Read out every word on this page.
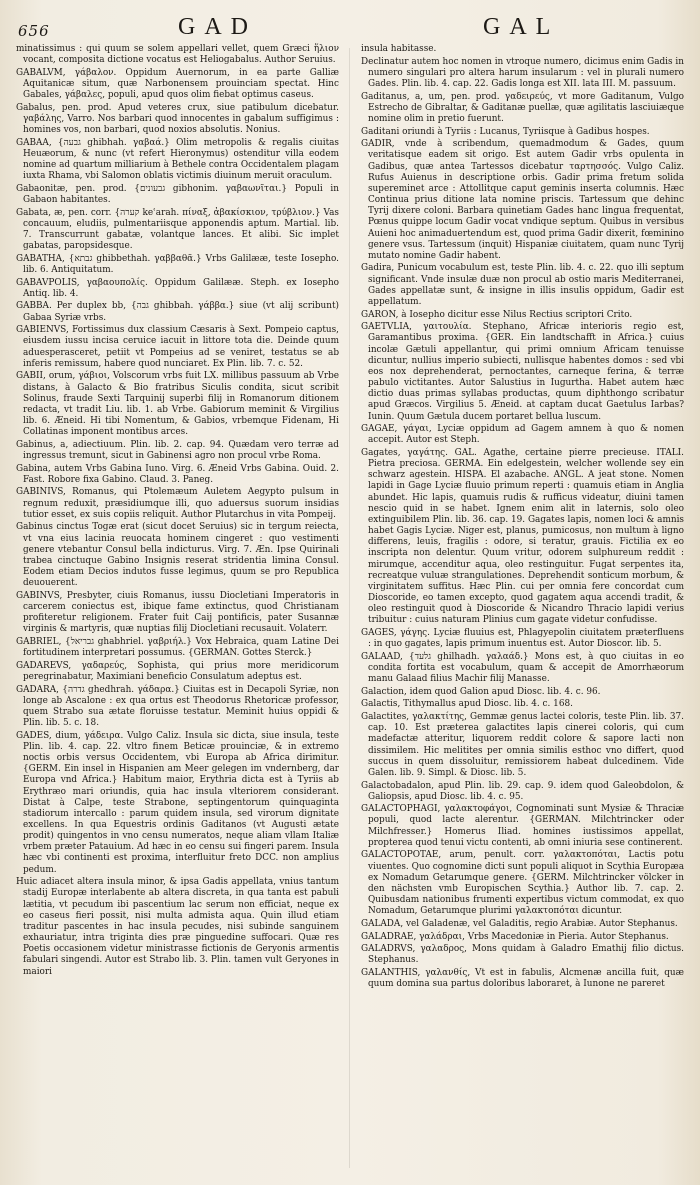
656	GAD	GAL

minatissimus : qui quum se solem appellari vellet, quem Græci ἥλιον vocant, composita dictione vocatus est Heliogabalus. Author Seruius.

GABALVM, γάβαλον. Oppidum Auernorum, in ea parte Galliæ Aquitanicæ situm, quæ Narbonensem prouinciam spectat. Hinc Gabales, γάβαλες, populi, apud quos olim fiebat optimus caseus.

Gabalus, pen. prod. Apud veteres crux, siue patibulum dicebatur. γαβάλης, Varro. Nos barbari quod innocentes in gabalum suffigimus : homines vos, non barbari, quod noxios absolutis. Nonius.

GABAA, {גבעה ghibhah. γαβαά.} Olim metropolis & regalis ciuitas Heuæorum, & nunc (vt refert Hieronymus) ostenditur villa eodem nomine ad quartum milliarium à Bethele contra Occidentalem plagam iuxta Rhama, vbi Salomon oblatis victimis diuinum meruit oraculum.

Gabaonitæ, pen. prod. {גבעונים gibhonim. γαβαωνῖται.} Populi in Gabaon habitantes.

Gabata, æ, pen. corr. {קערה keʿarah. πίναξ, ἀβακίσκιον, τρύβλιον.} Vas concauum, eludiis, pulmentariisque apponendis aptum. Martial. lib. 7. Transcurrunt gabatæ, volantque lances. Et alibi. Sic implet gabatas, paropsidesque.

GABATHA, {גבתא ghibbethah. γαββαθᾶ.} Vrbs Galilææ, teste Iosepho. lib. 6. Antiquitatum.

GABAVPOLIS, γαβαουπολίς. Oppidum Galilææ. Steph. ex Iosepho Antiq. lib. 4.

GABBA. Per duplex bb, {גבה ghibbah. γάββα.} siue (vt alij scribunt) Gabaa Syriæ vrbs.

GABIENVS, Fortissimus dux classium Cæsaris à Sext. Pompeio captus, eiusdem iussu incisa ceruice iacuit in littore tota die. Deinde quum aduesperasceret, petiit vt Pompeius ad se veniret, testatus se ab inferis remissum, habere quod nunciaret. Ex Plin. lib. 7. c. 52.

GABII, orum, γάβιοι, Volscorum vrbs fuit LX. millibus passuum ab Vrbe distans, à Galacto & Bio fratribus Siculis condita, sicut scribit Solinus, fraude Sexti Tarquinij superbi filij in Romanorum ditionem redacta, vt tradit Liu. lib. 1. ab Vrbe. Gabiorum meminit & Virgilius lib. 6. Æneid. Hi tibi Nomentum, & Gabios, vrbemque Fidenam, Hi Collatinas imponent montibus arces.

Gabinus, a, adiectiuum. Plin. lib. 2. cap. 94. Quædam vero terræ ad ingressus tremunt, sicut in Gabinensi agro non procul vrbe Roma.

Gabina, autem Vrbs Gabina Iuno. Virg. 6. Æneid Vrbs Gabina. Ouid. 2. Fast. Robore fixa Gabino. Claud. 3. Paneg.

GABINIVS, Romanus, qui Ptolemæum Auletem Aegypto pulsum in regnum reduxit, præsidiumque illi, quo aduersus suorum insidias tutior esset, ex suis copiis reliquit. Author Plutarchus in vita Pompeij.

Gabinus cinctus Togæ erat (sicut docet Seruius) sic in tergum reiecta, vt vna eius lacinia reuocata hominem cingeret : quo vestimenti genere vtebantur Consul bella indicturus. Virg. 7. Æn. Ipse Quirinali trabea cinctuque Gabino Insignis reserat stridentia limina Consul. Eodem etiam Decios indutos fusse legimus, quum se pro Republica deuouerent.

GABINVS, Presbyter, ciuis Romanus, iussu Diocletiani Imperatoris in carcerem coniectus est, ibique fame extinctus, quod Christianam profiteretur religionem. Frater fuit Caij pontificis, pater Susannæ virginis & martyris, quæ nuptias filij Diocletiani recusauit. Volaterr.

GABRIEL, {גבריאל ghabhriel. γαβριήλ.} Vox Hebraica, quam Latine Dei fortitudinem interpretari possumus. {GERMAN. Gottes Sterck.}

GADAREVS, γαδαρεύς, Sophista, qui prius more meridicorum peregrinabatur, Maximiani beneficio Consulatum adeptus est.

GADARA, {גדרה ghedhrah. γάδαρα.} Ciuitas est in Decapoli Syriæ, non longe ab Ascalone : ex qua ortus est Theodorus Rhetoricæ professor, quem Strabo sua ætate floruisse testatur. Meminit huius oppidi & Plin. lib. 5. c. 18.

GADES, dium, γάδειρα. Vulgo Caliz. Insula sic dicta, siue insula, teste Plin. lib. 4. cap. 22. vltro finem Beticæ prouinciæ, & in extremo noctis orbis versus Occidentem, vbi Europa ab Africa dirimitur. {GERM. Ein insel in Hispanien am Meer gelegen im vndernberg, dar Europa vnd Africa.} Habitum maior, Erythria dicta est à Tyriis ab Erythræo mari oriundis, quia hac insula vlteriorem considerant. Distat à Calpe, teste Strabone, septingentorum quinquaginta stadiorum intercallo : parum quidem insula, sed virorum dignitate excellens. In qua Equestris ordinis Gaditanos (vt Augusti ætate prodit) quingentos in vno censu numeratos, neque aliam vllam Italiæ vrbem præter Patauium. Ad hæc in eo censu sui fingeri parem. Insula hæc vbi continenti est proxima, interfluitur freto DCC. non amplius pedum.

Huic adiacet altera insula minor, & ipsa Gadis appellata, vnius tantum stadij Europæ interlabente ab altera discreta, in qua tanta est pabuli lætitia, vt pecudum ibi pascentium lac serum non efficiat, neque ex eo caseus fieri possit, nisi multa admista aqua. Quin illud etiam traditur pascentes in hac insula pecudes, nisi subinde sanguinem exhauriatur, intra triginta dies præ pinguedine suffocari. Quæ res Poetis occasionem videtur ministrasse fictionis de Geryonis armentis fabulari singendi. Autor est Strabo lib. 3. Plin. tamen vult Geryones in maiori

insula habitasse.

Declinatur autem hoc nomen in vtroque numero, dicimus enim Gadis in numero singulari pro altera harum insularum : vel in plurali numero Gades. Plin. lib. 4. cap. 22. Gadis longa est XII. lata III. M. passuum.

Gaditanus, a, um, pen. prod. γαδειρεύς, vt more Gaditanum, Vulgo Estrecho de Gibraltar, & Gaditanæ puellæ, quæ agilitatis lasciuiæque nomine olim in pretio fuerunt.

Gaditani oriundi à Tyriis : Lucanus, Tyriisque à Gadibus hospes.

GADIR, vnde à scribendum, quemadmodum & Gades, quum veritatisque eadem sit origo. Est autem Gadir vrbs opulenta in Gadibus, quæ antea Tartessos dicebatur ταρτησσός. Vulgo Caliz. Rufus Auienus in descriptione orbis. Gadir prima fretum solida supereminet arce : Attollitque caput geminis inserta columnis. Hæc Continua prius ditione lata nomine priscis. Tartessum que dehinc Tyrij dixere coloni. Barbara quinetiam Gades hanc lingua frequentat, Pœnus quippe locum Gadir vocat vndique septum. Quibus in versibus Auieni hoc animaduertendum est, quod prima Gadir dixerit, fœminino genere vsus. Tartessum (inquit) Hispaniæ ciuitatem, quam nunc Tyrij mutato nomine Gadir habent.

Gadira, Punicum vocabulum est, teste Plin. lib. 4. c. 22. quo illi septum significant. Vnde insulæ duæ non procul ab ostio maris Mediterranei, Gades appellatæ sunt, & insigne in illis insulis oppidum, Gadir est appellatum.

GARON, à Iosepho dicitur esse Nilus Rectius scriptori Crito.

GAETVLIA, γαιτουλία. Stephano, Africæ interioris regio est, Garamantibus proxima. {GER. Ein landtschafft in Africa.} cuius incolæ Gætuli appellantur, qui primi omnium Africam tenuisse dicuntur, nullius imperio subiecti, nullisque habentes domos : sed vbi eos nox deprehenderat, pernoctantes, carneque ferina, & terræ pabulo victitantes. Autor Salustius in Iugurtha. Habet autem hæc dictio duas primas syllabas productas, quum diphthongo scribatur apud Græcos. Virgilius 5. Æneid. at captam ducat Gaetulus Iarbas? Iunin. Quum Gætula ducem portaret bellua luscum.

GAGAE, γάγαι, Lyciæ oppidum ad Gagem amnem à quo & nomen accepit. Autor est Steph.

Gagates, γαγάτης. GAL. Agathe, certaine pierre precieuse. ITALI. Pietra preciosa. GERMA. Ein edelgestein, welcher wollende sey ein schwarz agestein. HISPA. El azabache. ANGL. A jeat stone. Nomen lapidi in Gage Lyciæ fluuio primum reperti : quamuis etiam in Anglia abundet. Hic lapis, quamuis rudis & rufficus videatur, diuini tamen nescio quid in se habet. Ignem enim alit in laternis, solo oleo extinguibilem Plin. lib. 36. cap. 19. Gagates lapis, nomen loci & amnis habet Gagis Lyciæ. Niger est, planus, pumicosus, non multum à ligno differens, leuis, fragilis : odore, si teratur, grauis. Fictilia ex eo inscripta non delentur. Quum vritur, odorem sulphureum reddit : mirumque, accenditur aqua, oleo restinguitur. Fugat serpentes ita, recreatque vuluæ strangulationes. Deprehendit sonticum morbum, & virginitatem suffitus. Hæc Plin. cui per omnia fere concordat cum Dioscoride, eo tamen excepto, quod gagatem aqua accendi tradit, & oleo restinguit quod à Dioscoride & Nicandro Thracio lapidi verius tribuitur : cuius naturam Plinius cum gagate videtur confudisse.

GAGES, γάγης. Lyciæ fluuius est, Phlagyepolin ciuitatem præterfluens : in quo gagates, lapis primum inuentus est. Autor Dioscor. lib. 5.

GALAAD, {גלעד ghilhadh. γαλαάδ.} Mons est, à quo ciuitas in eo condita fortita est vocabulum, quam & accepit de Amorrhæorum manu Galaad filius Machir filij Manasse.

Galaction, idem quod Galion apud Diosc. lib. 4. c. 96.

Galactis, Tithymallus apud Diosc. lib. 4. c. 168.

Galactites, γαλακτίτης, Gemmæ genus lactei coloris, teste Plin. lib. 37. cap. 10. Est præterea galactites lapis cinerei coloris, qui cum madefactæ atteritur, liquorem reddit colore & sapore lacti non dissimilem. Hic melitites per omnia similis esthoc vno differt, quod succus in quem dissoluitur, remissiorem habeat dulcedinem. Vide Galen. lib. 9. Simpl. & Diosc. lib. 5.

Galactobadalon, apud Plin. lib. 29. cap. 9. idem quod Galeobdolon, & Galiopsis, apud Diosc. lib. 4. c. 95.

GALACTOPHAGI, γαλακτοφάγοι, Cognominati sunt Mysiæ & Thraciæ populi, quod lacte alerentur. {GERMAN. Milchtrincker oder Milchfresser.} Homerus Iliad. homines iustissimos appellat, propterea quod tenui victu contenti, ab omni iniuria sese continerent.

GALACTOPOTAE, arum, penult. corr. γαλακτοπόται, Lactis potu viuentes. Quo cognomine dicti sunt populi aliquot in Scythia Europæa ex Nomadum Getarumque genere. {GERM. Milchtrincker völcker in den nächsten vmb Europischen Scythia.} Author lib. 7. cap. 2. Quibusdam nationibus frumenti expertibus victum commodat, ex quo Nomadum, Getarumque plurimi γαλακτοπόται dicuntur.

GALADA, vel Galadenæ, vel Galaditis, regio Arabiæ. Autor Stephanus.

GALADRAE, γαλάδραι, Vrbs Macedoniæ in Pieria. Autor Stephanus.

GALADRVS, γαλαδρος, Mons quidam à Galadro Emathij filio dictus. Stephanus.

GALANTHIS, γαλανθίς, Vt est in fabulis, Alcmenæ ancilla fuit, quæ quum domina sua partus doloribus laboraret, à Iunone ne pareret
